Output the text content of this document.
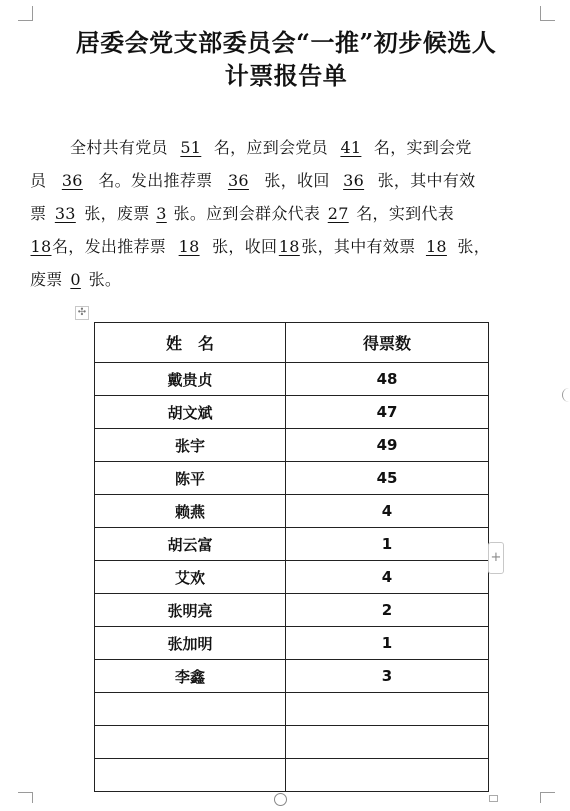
居委会党支部委员会“一推”初步候选人
计票报告单
全村共有党员 51 名，应到会党员 41 名，实到会党
员 36 名。发出推荐票 36 张，收回 36 张，其中有效
票 33 张，废票 3 张。应到会群众代表 27 名，实到代表
18名，发出推荐票 18 张，收回18张，其中有效票 18 张，
废票 0 张。
✣
姓　名	得票数
戴贵贞	48
胡文斌	47
张宇	49
陈平	45
赖燕	4
胡云富	1
艾欢	4
张明亮	2
张加明	1
李鑫	3

+
